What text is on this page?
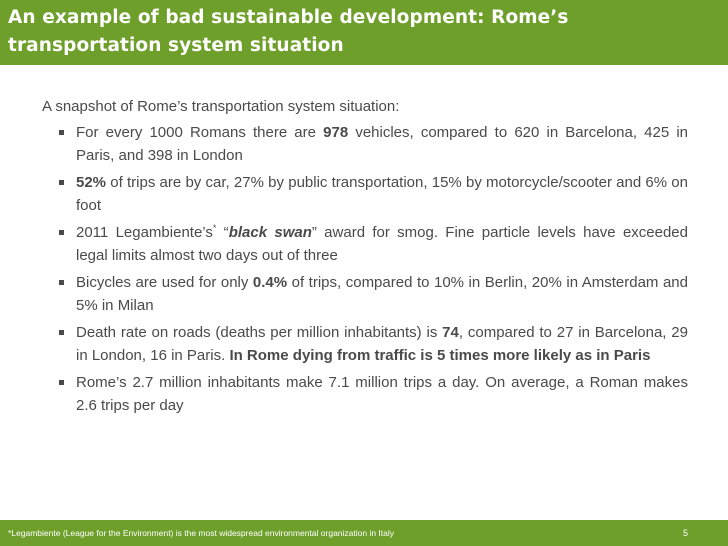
An example of bad sustainable development: Rome’s transportation system situation

A snapshot of Rome’s transportation system situation:

For every 1000 Romans there are 978 vehicles, compared to 620 in Barcelona, 425 in Paris, and 398 in London
52% of trips are by car, 27% by public transportation, 15% by motorcycle/scooter and 6% on foot
2011 Legambiente’s* “black swan” award for smog. Fine particle levels have exceeded legal limits almost two days out of three
Bicycles are used for only 0.4% of trips, compared to 10% in Berlin, 20% in Amsterdam and 5% in Milan
Death rate on roads (deaths per million inhabitants) is 74, compared to 27 in Barcelona, 29 in London, 16 in Paris. In Rome dying from traffic is 5 times more likely as in Paris
Rome’s 2.7 million inhabitants make 7.1 million trips a day. On average, a Roman makes 2.6 trips per day
*Legambiente (League for the Environment) is the most widespread environmental organization in Italy	5
